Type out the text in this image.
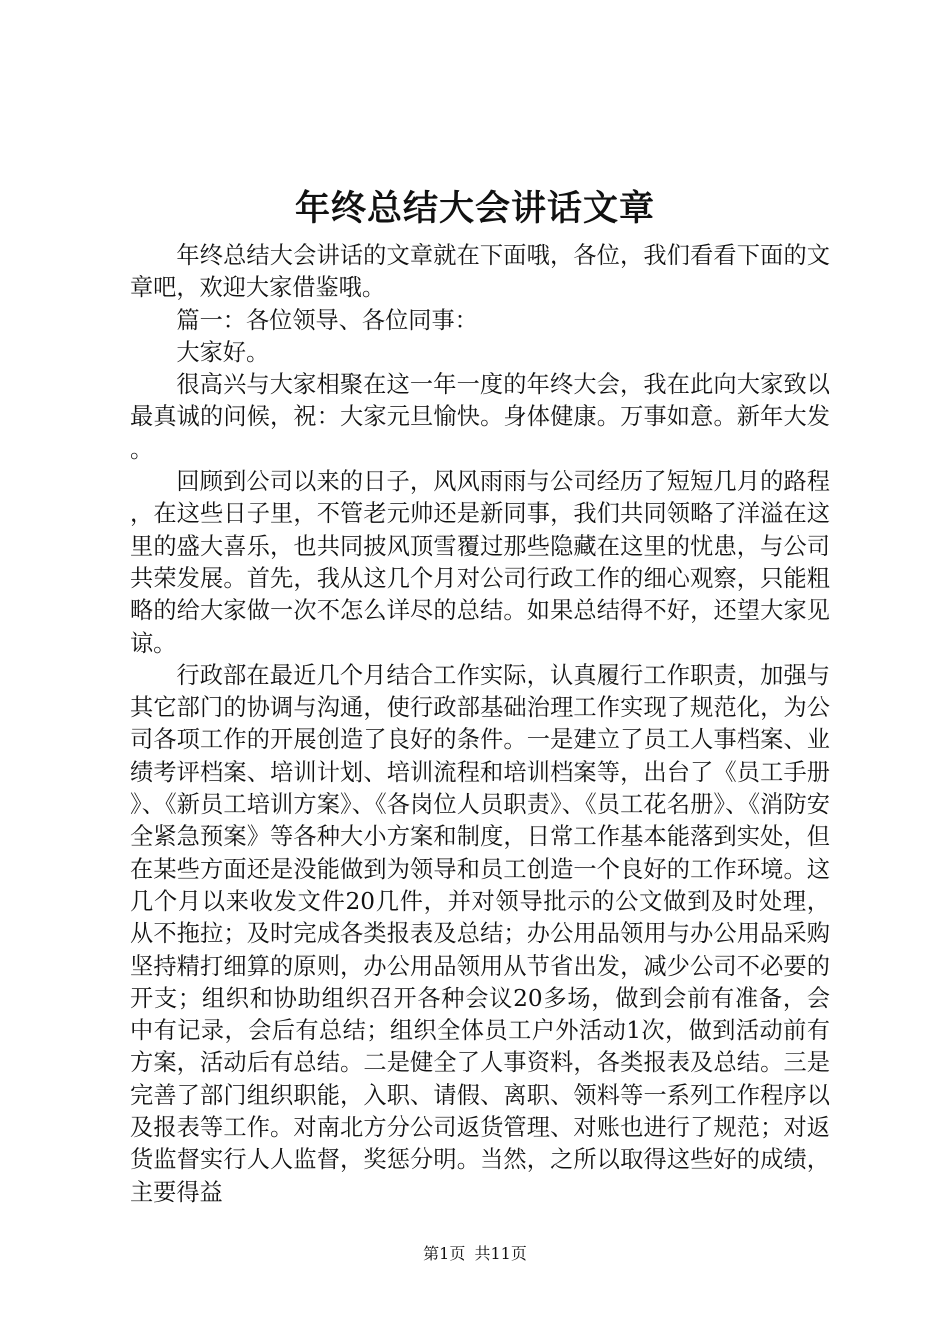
年终总结大会讲话文章

年终总结大会讲话的文章就在下面哦，各位，我们看看下面的文章吧，欢迎大家借鉴哦。

篇一：各位领导、各位同事：

大家好。

很高兴与大家相聚在这一年一度的年终大会，我在此向大家致以最真诚的问候，祝：大家元旦愉快。身体健康。万事如意。新年大发。

回顾到公司以来的日子，风风雨雨与公司经历了短短几月的路程，在这些日子里，不管老元帅还是新同事，我们共同领略了洋溢在这里的盛大喜乐，也共同披风顶雪覆过那些隐藏在这里的忧患，与公司共荣发展。首先，我从这几个月对公司行政工作的细心观察，只能粗略的给大家做一次不怎么详尽的总结。如果总结得不好，还望大家见谅。

行政部在最近几个月结合工作实际，认真履行工作职责，加强与其它部门的协调与沟通，使行政部基础治理工作实现了规范化，为公司各项工作的开展创造了良好的条件。一是建立了员工人事档案、业绩考评档案、培训计划、培训流程和培训档案等，出台了《员工手册》、《新员工培训方案》、《各岗位人员职责》、《员工花名册》、《消防安全紧急预案》等各种大小方案和制度，日常工作基本能落到实处，但在某些方面还是没能做到为领导和员工创造一个良好的工作环境。这几个月以来收发文件20几件，并对领导批示的公文做到及时处理，从不拖拉；及时完成各类报表及总结；办公用品领用与办公用品采购坚持精打细算的原则，办公用品领用从节省出发，减少公司不必要的开支；组织和协助组织召开各种会议20多场，做到会前有准备，会中有记录，会后有总结；组织全体员工户外活动1次，做到活动前有方案，活动后有总结。二是健全了人事资料，各类报表及总结。三是完善了部门组织职能，入职、请假、离职、领料等一系列工作程序以及报表等工作。对南北方分公司返货管理、对账也进行了规范；对返货监督实行人人监督，奖惩分明。当然，之所以取得这些好的成绩，主要得益

第1页 共11页
